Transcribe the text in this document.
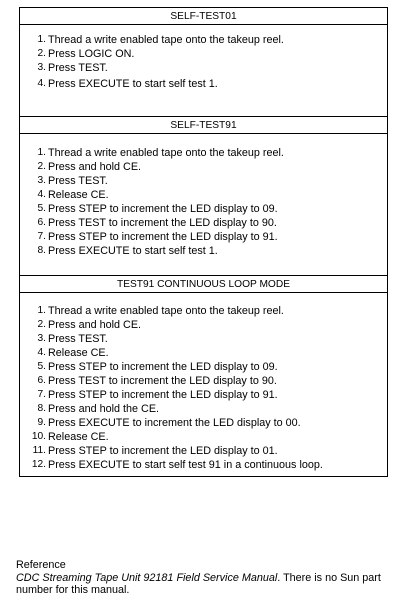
SELF-TEST01
1. Thread a write enabled tape onto the takeup reel.
2. Press LOGIC ON.
3. Press TEST.
4. Press EXECUTE to start self test 1.
SELF-TEST91
1. Thread a write enabled tape onto the takeup reel.
2. Press and hold CE.
3. Press TEST.
4. Release CE.
5. Press STEP to increment the LED display to 09.
6. Press TEST to increment the LED display to 90.
7. Press STEP to increment the LED display to 91.
8. Press EXECUTE to start self test 1.
TEST91 CONTINUOUS LOOP MODE
1. Thread a write enabled tape onto the takeup reel.
2. Press and hold CE.
3. Press TEST.
4. Release CE.
5. Press STEP to increment the LED display to 09.
6. Press TEST to increment the LED display to 90.
7. Press STEP to increment the LED display to 91.
8. Press and hold the CE.
9. Press EXECUTE to increment the LED display to 00.
10. Release CE.
11. Press STEP to increment the LED display to 01.
12. Press EXECUTE to start self test 91 in a continuous loop.
Reference
CDC Streaming Tape Unit 92181 Field Service Manual. There is no Sun part number for this manual.
